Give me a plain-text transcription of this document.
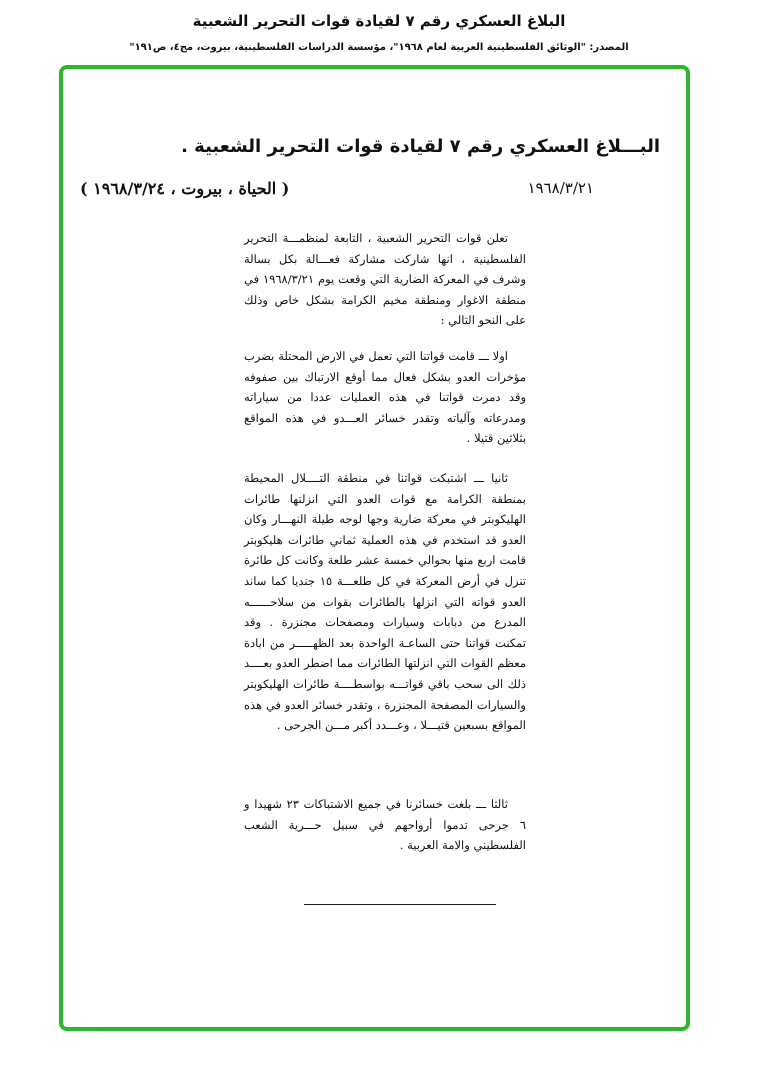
البلاغ العسكري رقم ٧ لقيادة قوات التحرير الشعبية

المصدر: "الوثائق الفلسطينية العربية لعام ١٩٦٨"، مؤسسة الدراسات الفلسطينية، بيروت، مج٤، ص١٩١"

البـــلاغ العسكري رقم ٧ لقيادة قوات التحرير الشعبية .
١٩٦٨/٣/٢١
( الحياة ، بيروت ، ١٩٦٨/٣/٢٤ )

تعلن قوات التحرير الشعبية ، التابعة لمنظمـــة التحرير الفلسطينية ، انها شاركت مشاركة فعـــالة بكل بسالة وشرف في المعركة الضارية التي وقعت يوم ١٩٦٨/٣/٢١ في منطقة الاغوار ومنطقة مخيم الكرامة بشكل خاص وذلك على النحو التالي :

اولا ـــ قامت قواتنا التي تعمل في الارض المحتلة بضرب مؤخرات العدو بشكل فعال مما أوقع الارتباك بين صفوفه وقد دمرت قواتنا في هذه العمليات عددا من سياراته ومدرعاته وآلياته وتقدر خسائر العـــدو في هذه المواقع بثلاثين قتيلا .

ثانيا ـــ اشتبكت قواتنا في منطقة التــــلال المحيطة بمنطقة الكرامة مع قوات العدو التي انزلتها طائرات الهليكوبتر في معركة ضارية وجها لوجه طيلة النهـــار وكان العدو قد استخدم في هذه العملية ثماني طائرات هليكوبتر قامت اربع منها بحوالي خمسة عشر طلعة وكانت كل طائرة تنزل في أرض المعركة في كل طلعـــة ١٥ جنديا كما ساند العدو قواته التي انزلها بالطائرات بقوات من سلاحــــــه المدرع من دبابات وسيارات ومصفحات مجنزرة . وقد تمكنت قواتنا حتى الساعـة الواحدة بعد الظهـــــر من ابادة معظم القوات التي انزلتها الطائرات مما اضطر العدو بعــــد ذلك الى سحب باقي قواتـــه بواسطــــة طائرات الهليكوبتر والسيارات المصفحة المجنزرة ، وتقدر خسائر العدو في هذه المواقع بسبعين قتيـــلا ، وعـــدد أكبر مـــن الجرحى .

ثالثا ـــ بلغت خسائرنا في جميع الاشتباكات ٢٣ شهيدا و ٦ جرحى تدموا أرواحهم في سبيل حـــرية الشعب الفلسطيني والامة العربية .
